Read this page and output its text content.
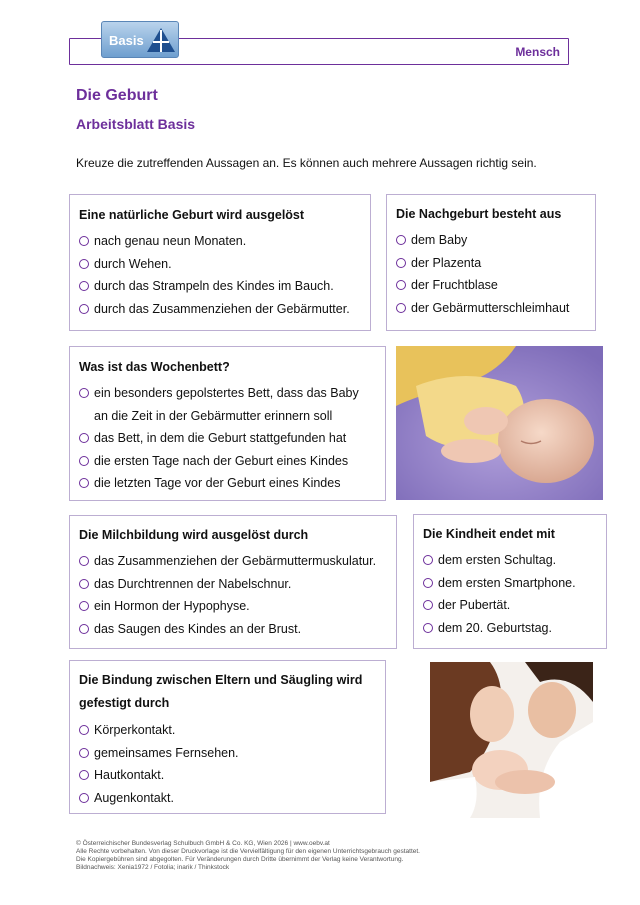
Mensch
Basis
Die Geburt
Arbeitsblatt Basis
Kreuze die zutreffenden Aussagen an. Es können auch mehrere Aussagen richtig sein.
Eine natürliche Geburt wird ausgelöst
nach genau neun Monaten.
durch Wehen.
durch das Strampeln des Kindes im Bauch.
durch das Zusammenziehen der Gebärmutter.
Die Nachgeburt besteht aus
dem Baby
der Plazenta
der Fruchtblase
der Gebärmutterschleimhaut
Was ist das Wochenbett?
ein besonders gepolstertes Bett, dass das Baby
an die Zeit in der Gebärmutter erinnern soll
das Bett, in dem die Geburt stattgefunden hat
die ersten Tage nach der Geburt eines Kindes
die letzten Tage vor der Geburt eines Kindes
Die Milchbildung wird ausgelöst durch
das Zusammenziehen der Gebärmuttermuskulatur.
das Durchtrennen der Nabelschnur.
ein Hormon der Hypophyse.
das Saugen des Kindes an der Brust.
Die Kindheit endet mit
dem ersten Schultag.
dem ersten Smartphone.
der Pubertät.
dem 20. Geburtstag.
Die Bindung zwischen Eltern und Säugling wird
gefestigt durch
Körperkontakt.
gemeinsames Fernsehen.
Hautkontakt.
Augenkontakt.
© Österreichischer Bundesverlag Schulbuch GmbH & Co. KG, Wien 2026 | www.oebv.at
Alle Rechte vorbehalten. Von dieser Druckvorlage ist die Vervielfältigung für den eigenen Unterrichtsgebrauch gestattet.
Die Kopiergebühren sind abgegolten. Für Veränderungen durch Dritte übernimmt der Verlag keine Verantwortung.
Bildnachweis: Xenia1972 / Fotolia; inarik / Thinkstock
